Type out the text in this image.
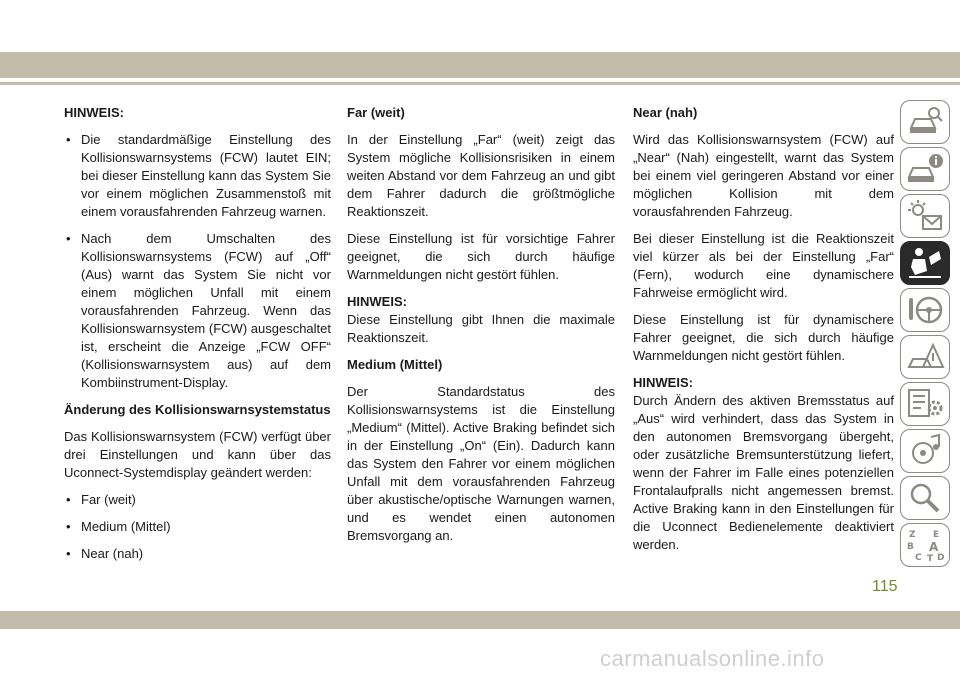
HINWEIS:

• Die standardmäßige Einstellung des Kollisionswarnsystems (FCW) lautet EIN; bei dieser Einstellung kann das System Sie vor einem möglichen Zusammenstoß mit einem vorausfahrenden Fahrzeug warnen.
• Nach dem Umschalten des Kollisionswarnsystems (FCW) auf „Off“ (Aus) warnt das System Sie nicht vor einem möglichen Unfall mit einem vorausfahrenden Fahrzeug. Wenn das Kollisionswarnsystem (FCW) ausgeschaltet ist, erscheint die Anzeige „FCW OFF“ (Kollisionswarnsystem aus) auf dem Kombiinstrument-Display.

Änderung des Kollisionswarnsystemstatus

Das Kollisionswarnsystem (FCW) verfügt über drei Einstellungen und kann über das Uconnect-Systemdisplay geändert werden:

• Far (weit)
• Medium (Mittel)
• Near (nah)

Far (weit)

In der Einstellung „Far“ (weit) zeigt das System mögliche Kollisionsrisiken in einem weiten Abstand vor dem Fahrzeug an und gibt dem Fahrer dadurch die größtmögliche Reaktionszeit.

Diese Einstellung ist für vorsichtige Fahrer geeignet, die sich durch häufige Warnmeldungen nicht gestört fühlen.

HINWEIS:

Diese Einstellung gibt Ihnen die maximale Reaktionszeit.

Medium (Mittel)

Der Standardstatus des Kollisionswarnsystems ist die Einstellung „Medium“ (Mittel). Active Braking befindet sich in der Einstellung „On“ (Ein). Dadurch kann das System den Fahrer vor einem möglichen Unfall mit dem vorausfahrenden Fahrzeug über akustische/optische Warnungen warnen, und es wendet einen autonomen Bremsvorgang an.

Near (nah)

Wird das Kollisionswarnsystem (FCW) auf „Near“ (Nah) eingestellt, warnt das System bei einem viel geringeren Abstand vor einer möglichen Kollision mit dem vorausfahrenden Fahrzeug.

Bei dieser Einstellung ist die Reaktionszeit viel kürzer als bei der Einstellung „Far“ (Fern), wodurch eine dynamischere Fahrweise ermöglicht wird.

Diese Einstellung ist für dynamischere Fahrer geeignet, die sich durch häufige Warnmeldungen nicht gestört fühlen.

HINWEIS:

Durch Ändern des aktiven Bremsstatus auf „Aus“ wird verhindert, dass das System in den autonomen Bremsvorgang übergeht, oder zusätzliche Bremsunterstützung liefert, wenn der Fahrer im Falle eines potenziellen Frontalaufpralls nicht angemessen bremst. Active Braking kann in den Einstellungen für die Uconnect Bedienelemente deaktiviert werden.

Z E
B A
C T D
115
carmanualsonline.info
